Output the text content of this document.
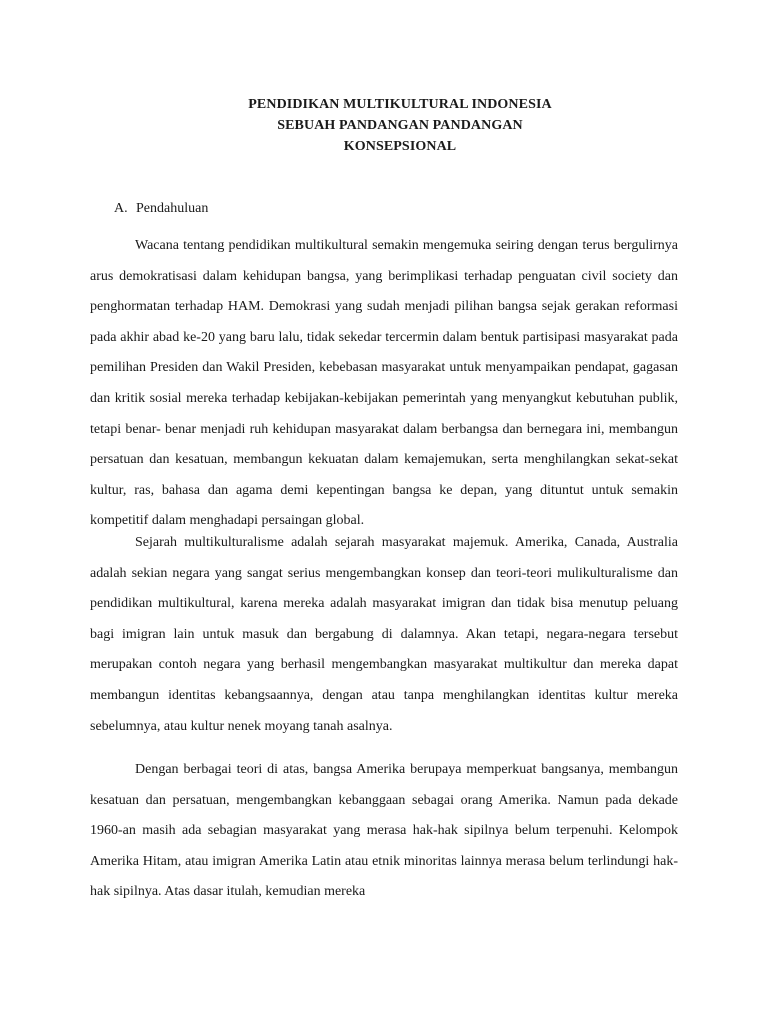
PENDIDIKAN MULTIKULTURAL INDONESIA
SEBUAH PANDANGAN PANDANGAN
KONSEPSIONAL
A. Pendahuluan

Wacana tentang pendidikan multikultural semakin mengemuka seiring dengan terus bergulirnya arus demokratisasi dalam kehidupan bangsa, yang berimplikasi terhadap penguatan civil society dan penghormatan terhadap HAM. Demokrasi yang sudah menjadi pilihan bangsa sejak gerakan reformasi pada akhir abad ke-20 yang baru lalu, tidak sekedar tercermin dalam bentuk partisipasi masyarakat pada pemilihan Presiden dan Wakil Presiden, kebebasan masyarakat untuk menyampaikan pendapat, gagasan dan kritik sosial mereka terhadap kebijakan-kebijakan pemerintah yang menyangkut kebutuhan publik, tetapi benar- benar menjadi ruh kehidupan masyarakat dalam berbangsa dan bernegara ini, membangun persatuan dan kesatuan, membangun kekuatan dalam kemajemukan, serta menghilangkan sekat-sekat kultur, ras, bahasa dan agama demi kepentingan bangsa ke depan, yang dituntut untuk semakin kompetitif dalam menghadapi persaingan global.

Sejarah multikulturalisme adalah sejarah masyarakat majemuk. Amerika, Canada, Australia adalah sekian negara yang sangat serius mengembangkan konsep dan teori-teori mulikulturalisme dan pendidikan multikultural, karena mereka adalah masyarakat imigran dan tidak bisa menutup peluang bagi imigran lain untuk masuk dan bergabung di dalamnya. Akan tetapi, negara-negara tersebut merupakan contoh negara yang berhasil mengembangkan masyarakat multikultur dan mereka dapat membangun identitas kebangsaannya, dengan atau tanpa menghilangkan identitas kultur mereka sebelumnya, atau kultur nenek moyang tanah asalnya.

Dengan berbagai teori di atas, bangsa Amerika berupaya memperkuat bangsanya, membangun kesatuan dan persatuan, mengembangkan kebanggaan sebagai orang Amerika. Namun pada dekade 1960-an masih ada sebagian masyarakat yang merasa hak-hak sipilnya belum terpenuhi. Kelompok Amerika Hitam, atau imigran Amerika Latin atau etnik minoritas lainnya merasa belum terlindungi hak-hak sipilnya. Atas dasar itulah, kemudian mereka
